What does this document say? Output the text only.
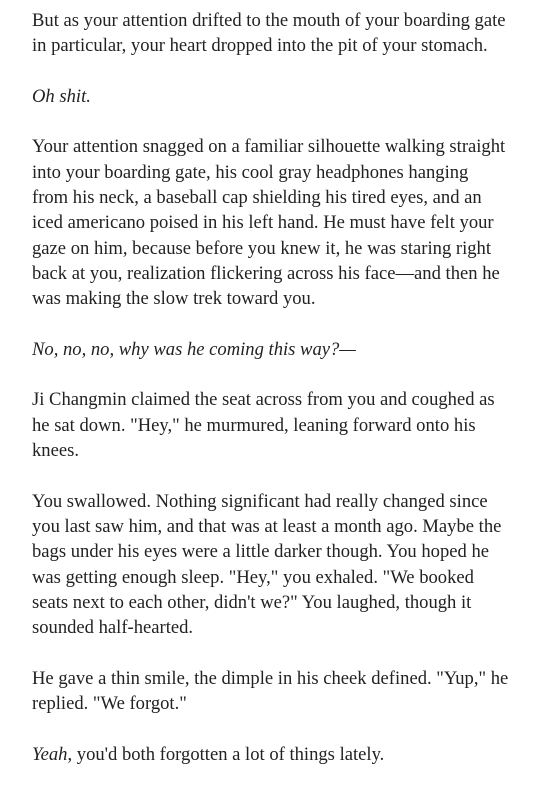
But as your attention drifted to the mouth of your boarding gate in particular, your heart dropped into the pit of your stomach.

Oh shit.

Your attention snagged on a familiar silhouette walking straight into your boarding gate, his cool gray headphones hanging from his neck, a baseball cap shielding his tired eyes, and an iced americano poised in his left hand. He must have felt your gaze on him, because before you knew it, he was staring right back at you, realization flickering across his face—and then he was making the slow trek toward you.

No, no, no, why was he coming this way?—

Ji Changmin claimed the seat across from you and coughed as he sat down. "Hey," he murmured, leaning forward onto his knees.

You swallowed. Nothing significant had really changed since you last saw him, and that was at least a month ago. Maybe the bags under his eyes were a little darker though. You hoped he was getting enough sleep. "Hey," you exhaled. "We booked seats next to each other, didn't we?" You laughed, though it sounded half-hearted.

He gave a thin smile, the dimple in his cheek defined. "Yup," he replied. "We forgot."

Yeah, you'd both forgotten a lot of things lately.
